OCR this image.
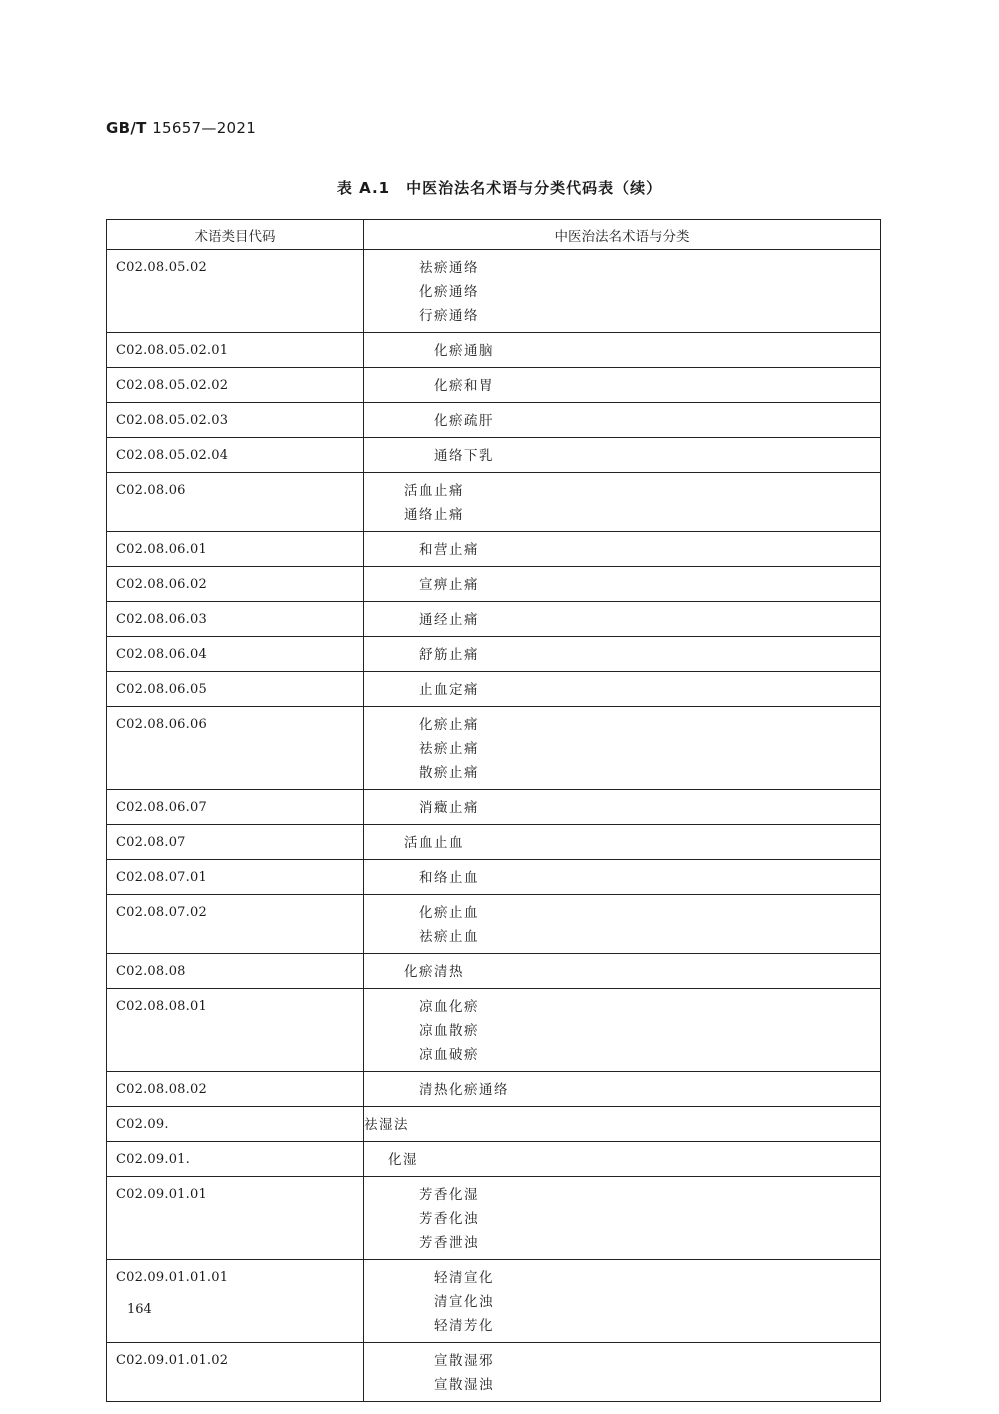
GB/T 15657—2021
表 A.1　中医治法名术语与分类代码表（续）
术语类目代码	中医治法名术语与分类
C02.08.05.02	祛瘀通络
化瘀通络
行瘀通络

C02.08.05.02.01	化瘀通脑

C02.08.05.02.02	化瘀和胃

C02.08.05.02.03	化瘀疏肝

C02.08.05.02.04	通络下乳

C02.08.06	活血止痛
通络止痛

C02.08.06.01	和营止痛

C02.08.06.02	宣痹止痛

C02.08.06.03	通经止痛

C02.08.06.04	舒筋止痛

C02.08.06.05	止血定痛

C02.08.06.06	化瘀止痛
祛瘀止痛
散瘀止痛

C02.08.06.07	消癥止痛

C02.08.07	活血止血

C02.08.07.01	和络止血

C02.08.07.02	化瘀止血
祛瘀止血

C02.08.08	化瘀清热

C02.08.08.01	凉血化瘀
凉血散瘀
凉血破瘀

C02.08.08.02	清热化瘀通络

C02.09.	祛湿法

C02.09.01.	化湿

C02.09.01.01	芳香化湿
芳香化浊
芳香泄浊

C02.09.01.01.01	轻清宣化
清宣化浊
轻清芳化

C02.09.01.01.02	宣散湿邪
宣散湿浊
164
